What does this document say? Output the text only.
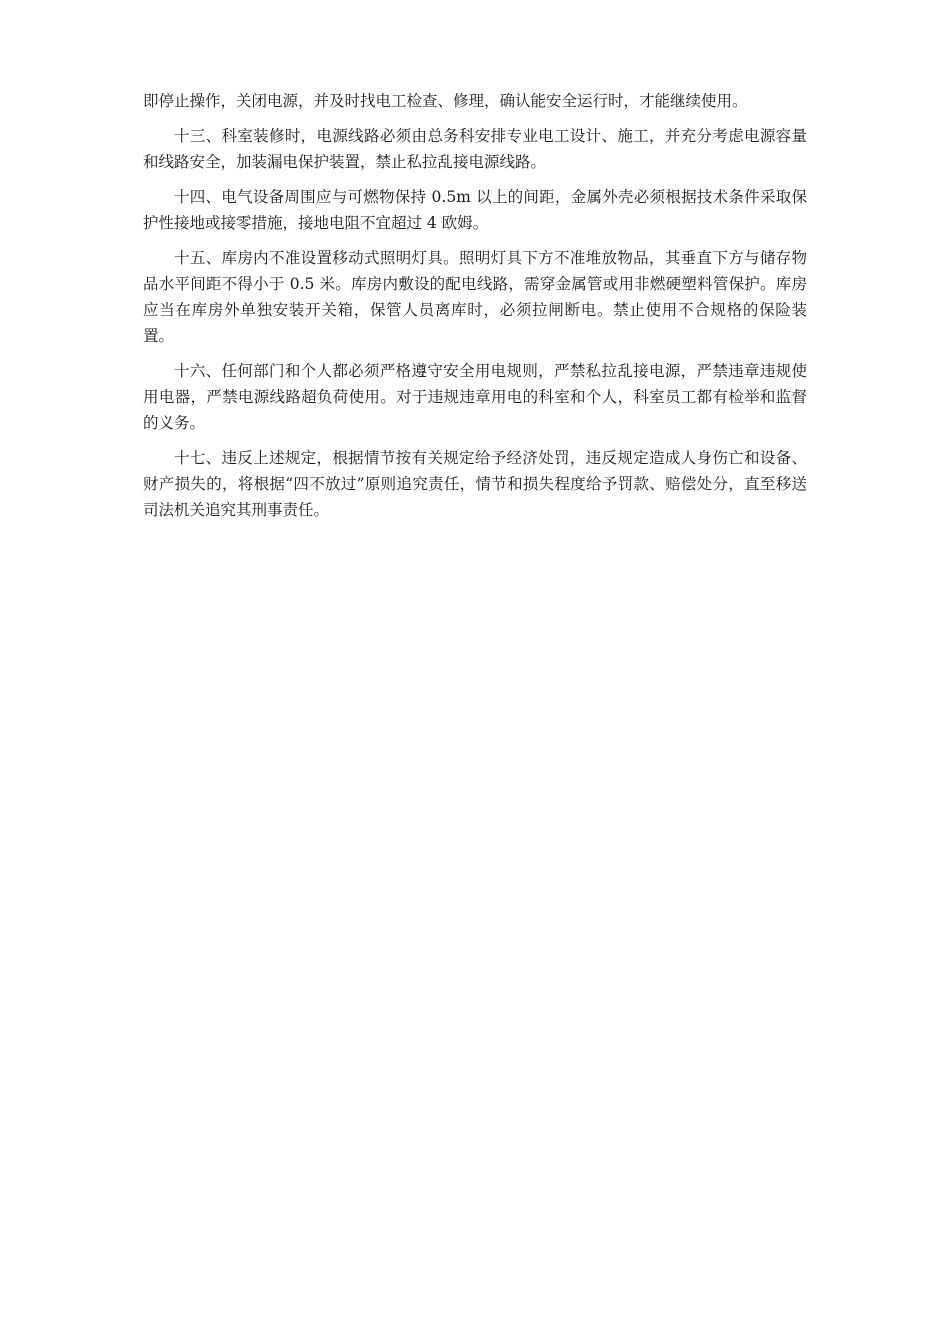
即停止操作，关闭电源，并及时找电工检查、修理，确认能安全运行时，才能继续使用。

十三、科室装修时，电源线路必须由总务科安排专业电工设计、施工，并充分考虑电源容量和线路安全，加装漏电保护装置，禁止私拉乱接电源线路。

十四、电气设备周围应与可燃物保持 0.5m 以上的间距，金属外壳必须根据技术条件采取保护性接地或接零措施，接地电阻不宜超过 4 欧姆。

十五、库房内不准设置移动式照明灯具。照明灯具下方不准堆放物品，其垂直下方与储存物品水平间距不得小于 0.5 米。库房内敷设的配电线路，需穿金属管或用非燃硬塑料管保护。库房应当在库房外单独安装开关箱，保管人员离库时，必须拉闸断电。禁止使用不合规格的保险装置。

十六、任何部门和个人都必须严格遵守安全用电规则，严禁私拉乱接电源，严禁违章违规使用电器，严禁电源线路超负荷使用。对于违规违章用电的科室和个人，科室员工都有检举和监督的义务。

十七、违反上述规定，根据情节按有关规定给予经济处罚，违反规定造成人身伤亡和设备、财产损失的，将根据“四不放过”原则追究责任，情节和损失程度给予罚款、赔偿处分，直至移送司法机关追究其刑事责任。
